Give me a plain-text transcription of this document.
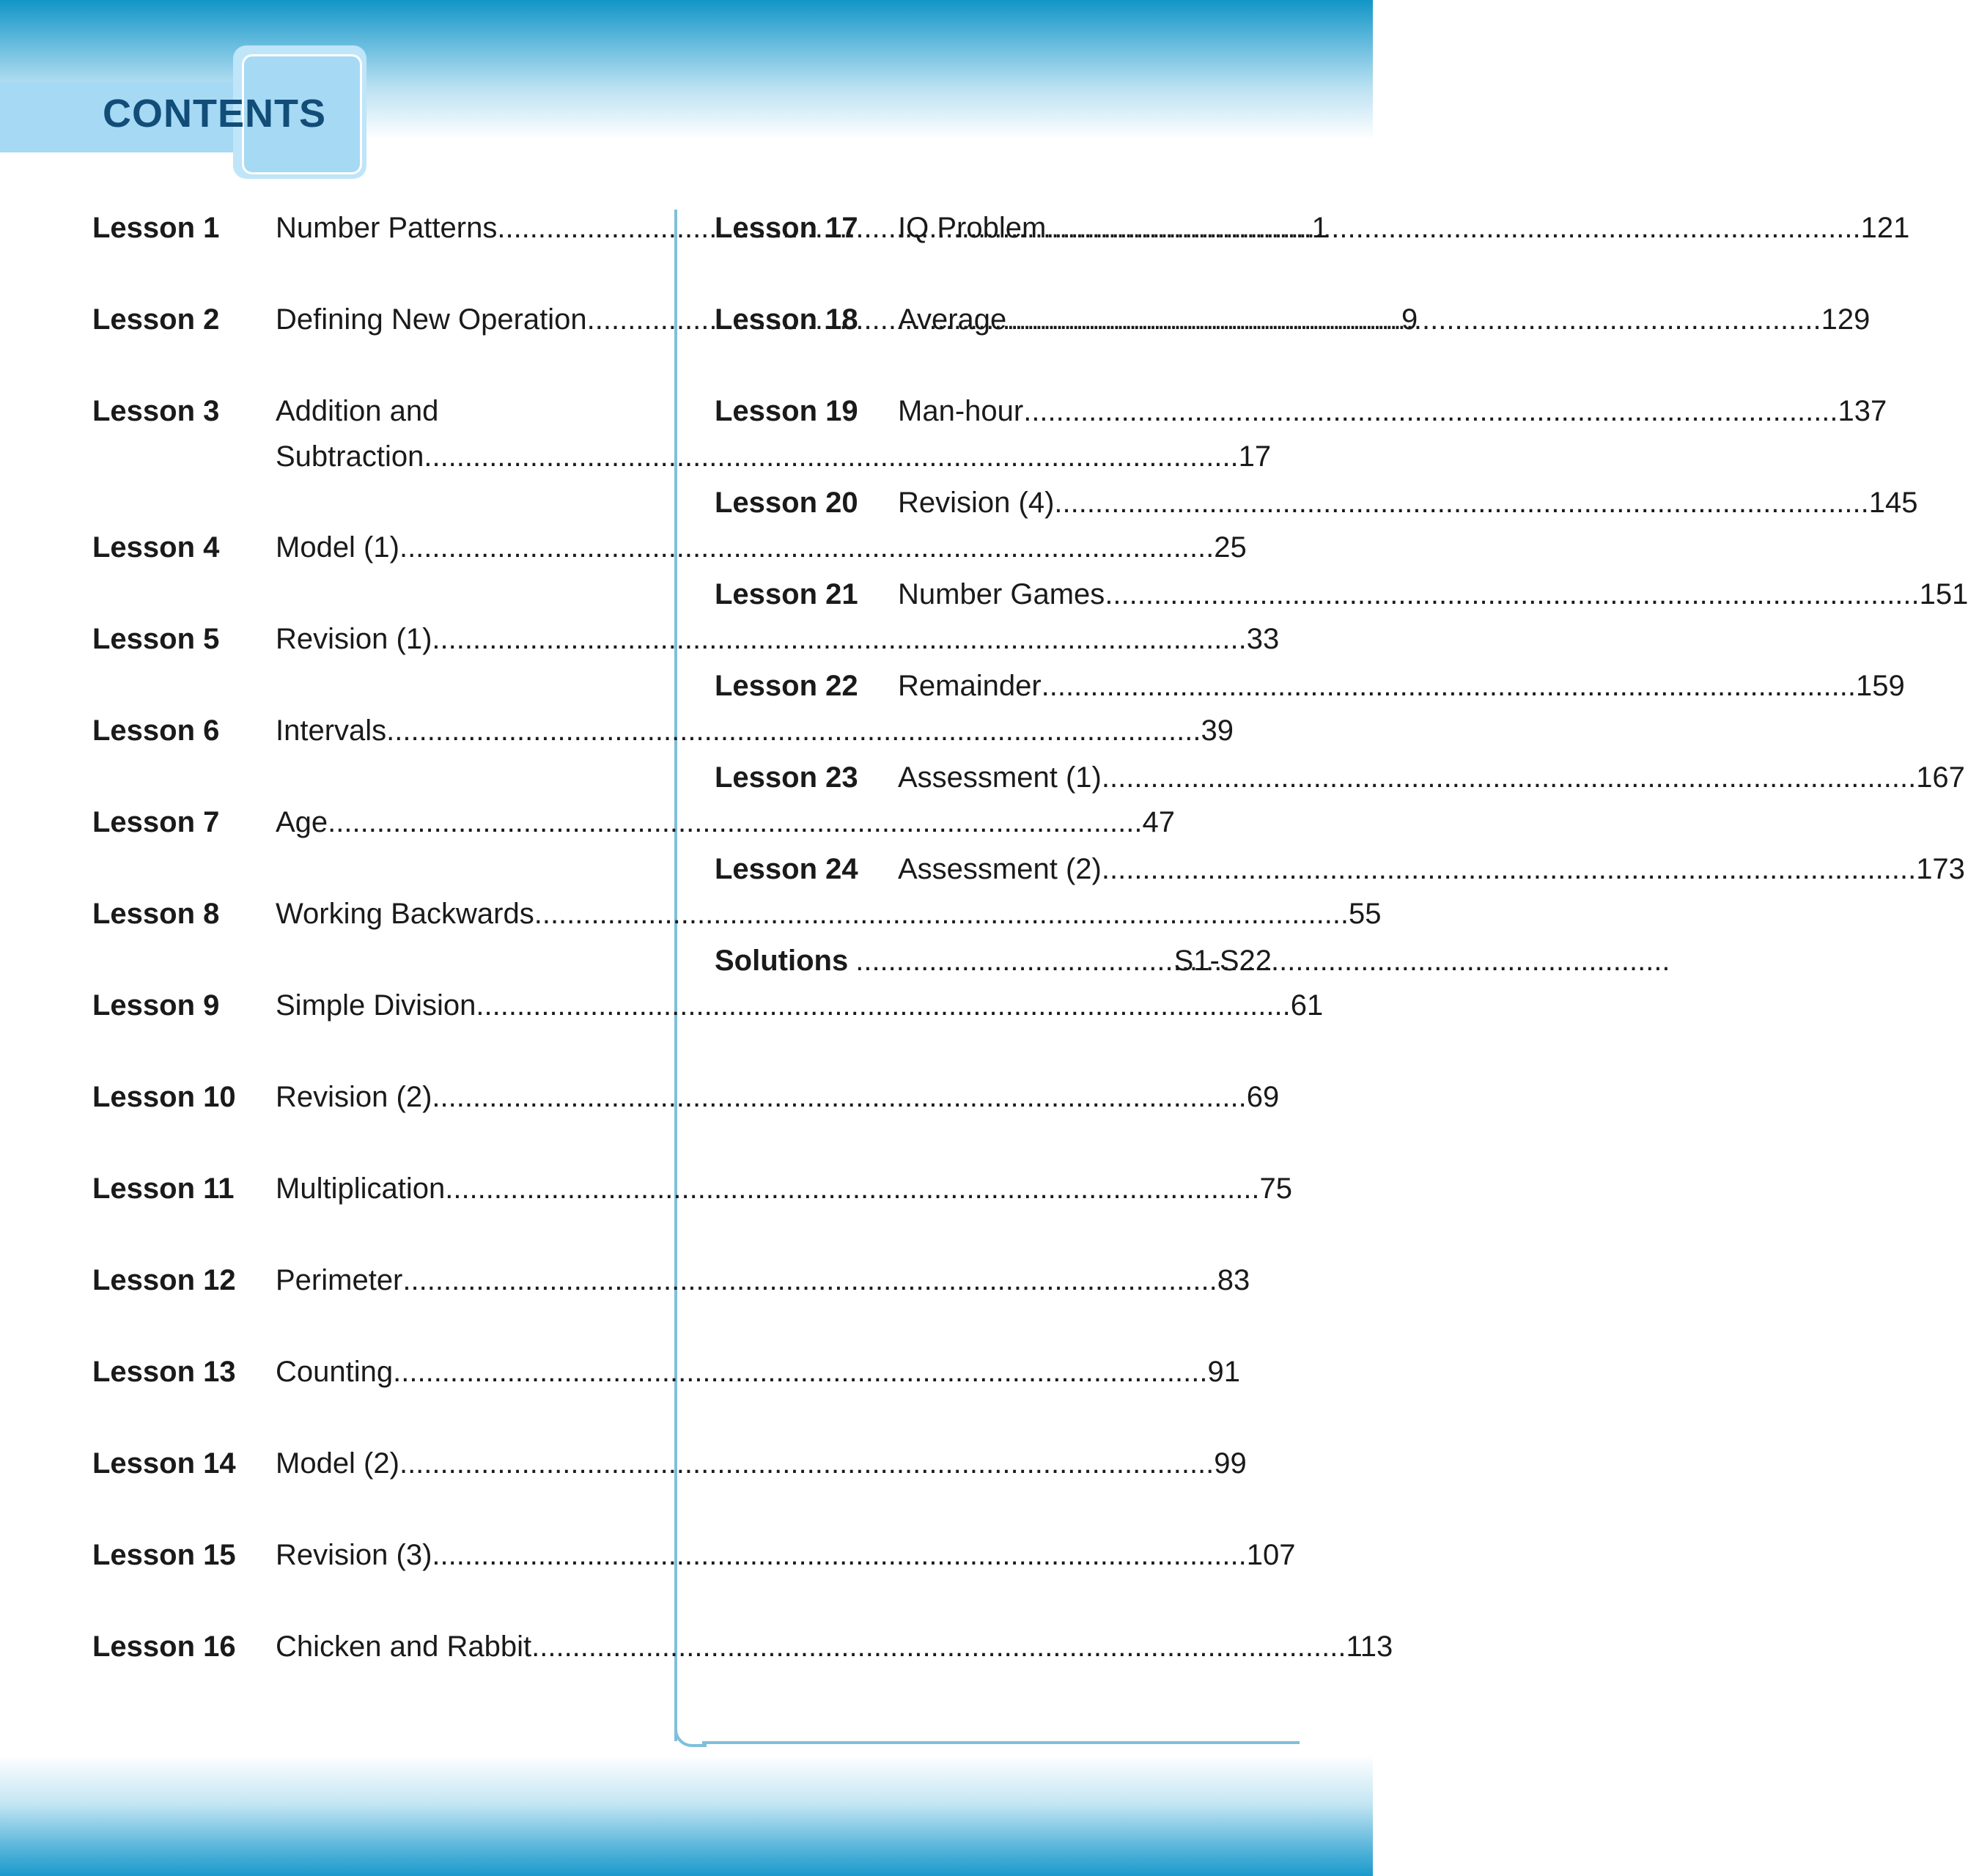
CONTENTS
Lesson 1	Number Patterns .....	1
Lesson 2	Defining New Operation .....	9
Lesson 3	Addition and
Subtraction .....	17
Lesson 4	Model (1) .....	25
Lesson 5	Revision (1) .....	33
Lesson 6	Intervals .....	39
Lesson 7	Age .....	47
Lesson 8	Working Backwards .....	55
Lesson 9	Simple Division .....	61
Lesson 10	Revision (2) .....	69
Lesson 11	Multiplication .....	75
Lesson 12	Perimeter .....	83
Lesson 13	Counting .....	91
Lesson 14	Model (2) .....	99
Lesson 15	Revision (3) .....	107
Lesson 16	Chicken and Rabbit .....	113
Lesson 17	IQ Problem .....	121
Lesson 18	Average .....	129
Lesson 19	Man-hour .....	137
Lesson 20	Revision (4) .....	145
Lesson 21	Number Games .....	151
Lesson 22	Remainder .....	159
Lesson 23	Assessment (1) .....	167
Lesson 24	Assessment (2) .....	173
Solutions .....	S1-S22
